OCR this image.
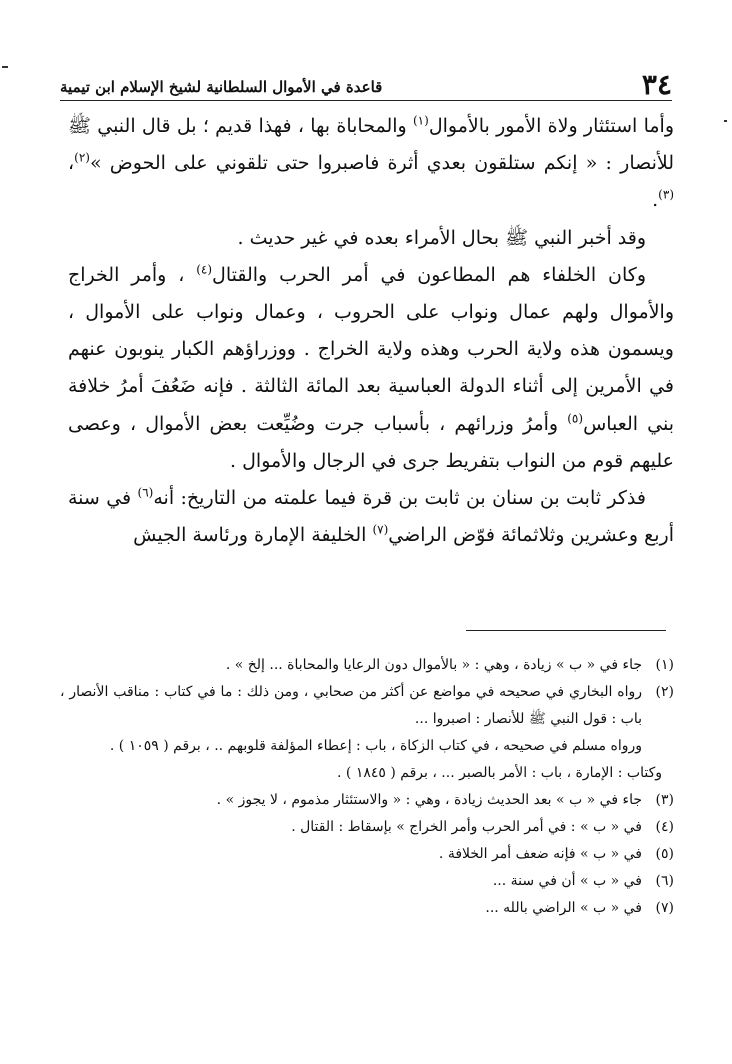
٣٤
قاعدة في الأموال السلطانية لشيخ الإسلام ابن تيمية

وأما استئثار ولاة الأمور بالأموال$^{(١)}$ والمحاباة بها ، فهذا قديم ؛ بل قال النبي ﷺ للأنصار : « إنكم ستلقون بعدي أثرة فاصبروا حتى تلقوني على الحوض »$^{(٢)}$، $^{(٣)}$.

وقد أخبر النبي ﷺ بحال الأمراء بعده في غير حديث .

وكان الخلفاء هم المطاعون في أمر الحرب والقتال$^{(٤)}$ ، وأمر الخراج والأموال ولهم عمال ونواب على الحروب ، وعمال ونواب على الأموال ، ويسمون هذه ولاية الحرب وهذه ولاية الخراج . ووزراؤهم الكبار ينوبون عنهم في الأمرين إلى أثناء الدولة العباسية بعد المائة الثالثة . فإنه ضَعُفَ أمرُ خلافة بني العباس$^{(٥)}$ وأمرُ وزرائهم ، بأسباب جرت وضُيِّعت بعض الأموال ، وعصى عليهم قوم من النواب بتفريط جرى في الرجال والأموال .

فذكر ثابت بن سنان بن ثابت بن قرة فيما علمته من التاريخ: أنه$^{(٦)}$ في سنة أربع وعشرين وثلاثمائة فوّض الراضي$^{(٧)}$ الخليفة الإمارة ورئاسة الجيش

(١)
جاء في « ب » زيادة ، وهي : « بالأموال دون الرعايا والمحاباة ... إلخ » .
(٢)
رواه البخاري في صحيحه في مواضع عن أكثر من صحابي ، ومن ذلك : ما في كتاب : مناقب الأنصار ، باب : قول النبي ﷺ للأنصار : اصبروا ...
ورواه مسلم في صحيحه ، في كتاب الزكاة ، باب : إعطاء المؤلفة قلوبهم .. ، برقم ( ١٠٥٩ ) .
وكتاب : الإمارة ، باب : الأمر بالصبر ... ، برقم ( ١٨٤٥ ) .
(٣)
جاء في « ب » بعد الحديث زيادة ، وهي : « والاستئثار مذموم ، لا يجوز » .
(٤)
في « ب » : في أمر الحرب وأمر الخراج » بإسقاط : القتال .
(٥)
في « ب » فإنه ضعف أمر الخلافة .
(٦)
في « ب » أن في سنة ...
(٧)
في « ب » الراضي بالله ...
